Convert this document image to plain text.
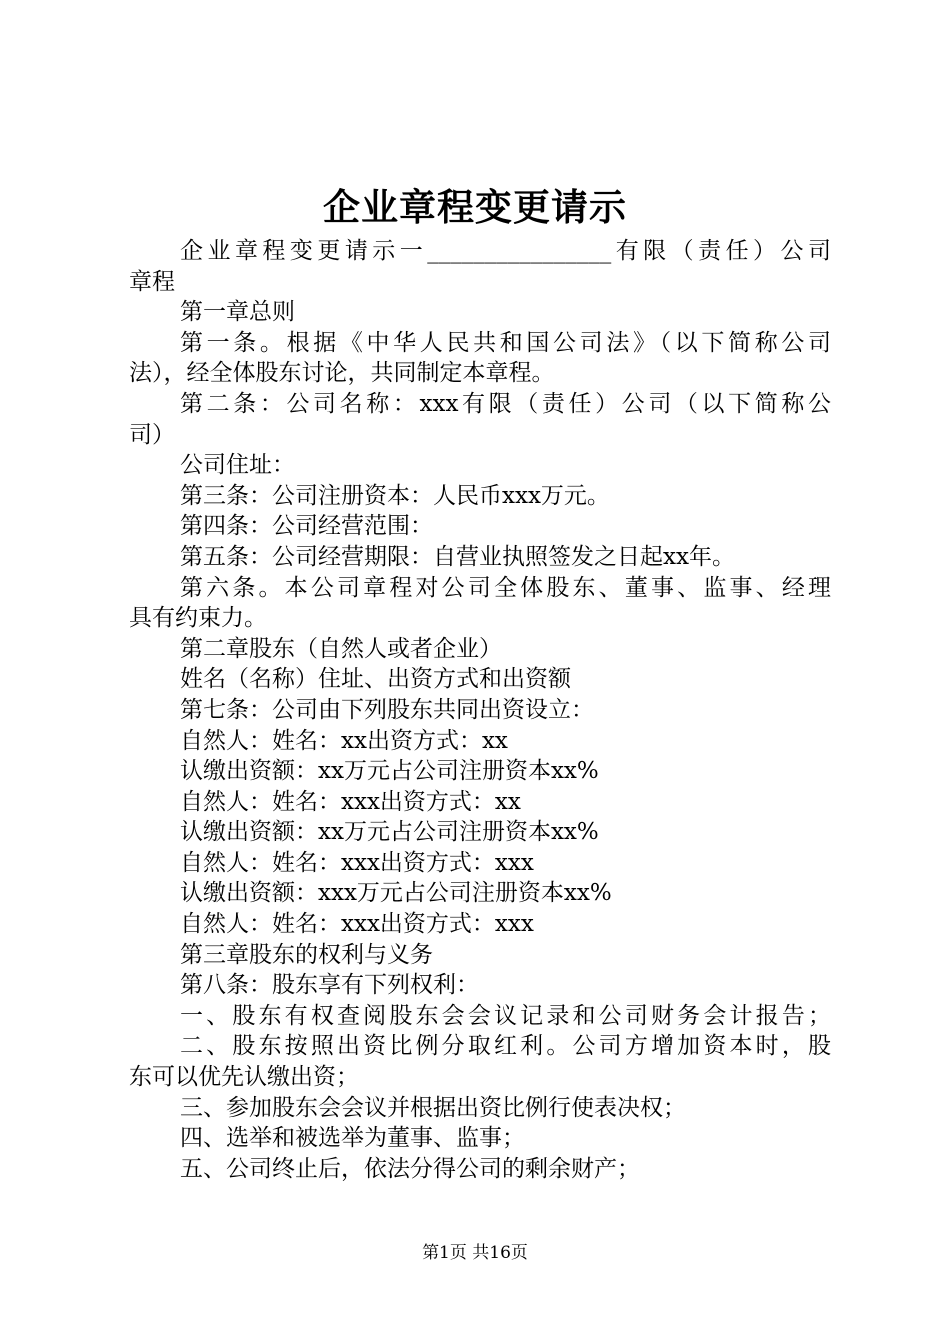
企业章程变更请示
企业章程变更请示一________________有限（责任）公司
章程
第一章总则
第一条。根据《中华人民共和国公司法》（以下简称公司
法），经全体股东讨论，共同制定本章程。
第二条：公司名称：xxx有限（责任）公司（以下简称公
司）
公司住址：
第三条：公司注册资本：人民币xxx万元。
第四条：公司经营范围：
第五条：公司经营期限：自营业执照签发之日起xx年。
第六条。本公司章程对公司全体股东、董事、监事、经理
具有约束力。
第二章股东（自然人或者企业）
姓名（名称）住址、出资方式和出资额
第七条：公司由下列股东共同出资设立：
自然人：姓名：xx出资方式：xx
认缴出资额：xx万元占公司注册资本xx%
自然人：姓名：xxx出资方式：xx
认缴出资额：xx万元占公司注册资本xx%
自然人：姓名：xxx出资方式：xxx
认缴出资额：xxx万元占公司注册资本xx%
自然人：姓名：xxx出资方式：xxx
第三章股东的权利与义务
第八条：股东享有下列权利：
一、股东有权查阅股东会会议记录和公司财务会计报告；
二、股东按照出资比例分取红利。公司方增加资本时，股
东可以优先认缴出资；
三、参加股东会会议并根据出资比例行使表决权；
四、选举和被选举为董事、监事；
五、公司终止后，依法分得公司的剩余财产；
第1页 共16页
